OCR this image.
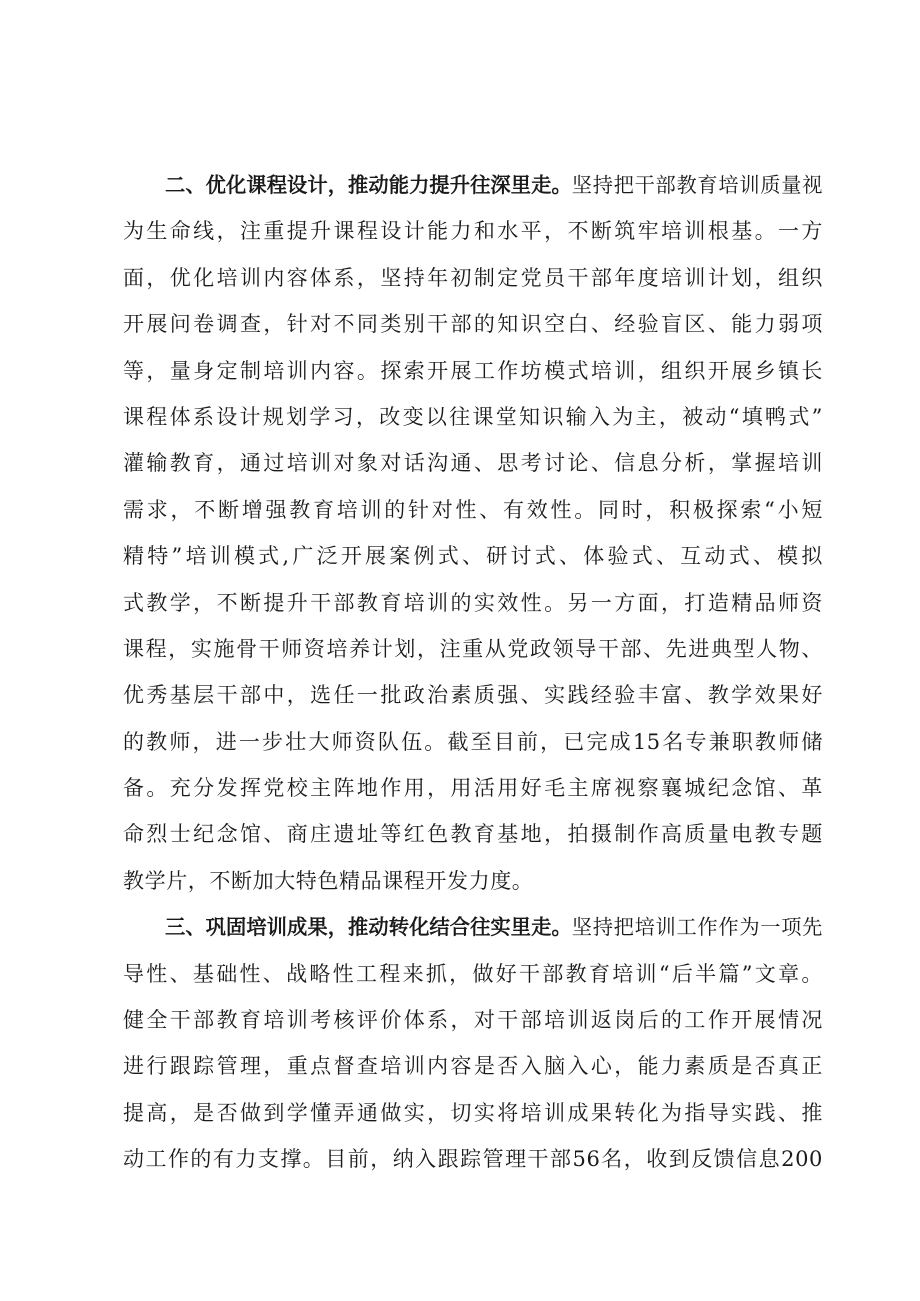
二、优化课程设计，推动能力提升往深里走。坚持把干部教育培训质量视
为生命线，注重提升课程设计能力和水平，不断筑牢培训根基。一方
面，优化培训内容体系，坚持年初制定党员干部年度培训计划，组织
开展问卷调查，针对不同类别干部的知识空白、经验盲区、能力弱项
等，量身定制培训内容。探索开展工作坊模式培训，组织开展乡镇长
课程体系设计规划学习，改变以往课堂知识输入为主，被动“填鸭式”
灌输教育，通过培训对象对话沟通、思考讨论、信息分析，掌握培训
需求，不断增强教育培训的针对性、有效性。同时，积极探索“小短
精特”培训模式,广泛开展案例式、研讨式、体验式、互动式、模拟
式教学，不断提升干部教育培训的实效性。另一方面，打造精品师资
课程，实施骨干师资培养计划，注重从党政领导干部、先进典型人物、
优秀基层干部中，选任一批政治素质强、实践经验丰富、教学效果好
的教师，进一步壮大师资队伍。截至目前，已完成15名专兼职教师储
备。充分发挥党校主阵地作用，用活用好毛主席视察襄城纪念馆、革
命烈士纪念馆、商庄遗址等红色教育基地，拍摄制作高质量电教专题
教学片，不断加大特色精品课程开发力度。
三、巩固培训成果，推动转化结合往实里走。坚持把培训工作作为一项先
导性、基础性、战略性工程来抓，做好干部教育培训“后半篇”文章。
健全干部教育培训考核评价体系，对干部培训返岗后的工作开展情况
进行跟踪管理，重点督查培训内容是否入脑入心，能力素质是否真正
提高，是否做到学懂弄通做实，切实将培训成果转化为指导实践、推
动工作的有力支撑。目前，纳入跟踪管理干部56名，收到反馈信息200
